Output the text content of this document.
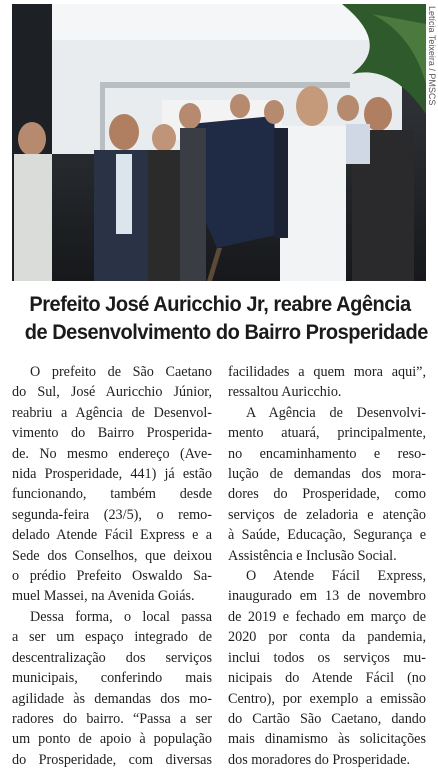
Letícia Teixeira / PMSCS
Prefeito José Auricchio Jr, reabre Agência
de Desenvolvimento do Bairro Prosperidade

O prefeito de São Caetano
do Sul, José Auricchio Júnior,
reabriu a Agência de Desenvol-
vimento do Bairro Prosperida-
de. No mesmo endereço (Ave-
nida Prosperidade, 441) já estão
funcionando, também desde
segunda-feira (23/5), o remo-
delado Atende Fácil Express e a
Sede dos Conselhos, que deixou
o prédio Prefeito Oswaldo Sa-
muel Massei, na Avenida Goiás.

Dessa forma, o local passa
a ser um espaço integrado de
descentralização dos serviços
municipais, conferindo mais
agilidade às demandas dos mo-
radores do bairro. “Passa a ser
um ponto de apoio à população
do Prosperidade, com diversas

facilidades a quem mora aqui”,
ressaltou Auricchio.

A Agência de Desenvolvi-
mento atuará, principalmente,
no encaminhamento e reso-
lução de demandas dos mora-
dores do Prosperidade, como
serviços de zeladoria e atenção
à Saúde, Educação, Segurança e
Assistência e Inclusão Social.

O Atende Fácil Express,
inaugurado em 13 de novembro
de 2019 e fechado em março de
2020 por conta da pandemia,
inclui todos os serviços mu-
nicipais do Atende Fácil (no
Centro), por exemplo a emissão
do Cartão São Caetano, dando
mais dinamismo às solicitações
dos moradores do Prosperidade.
